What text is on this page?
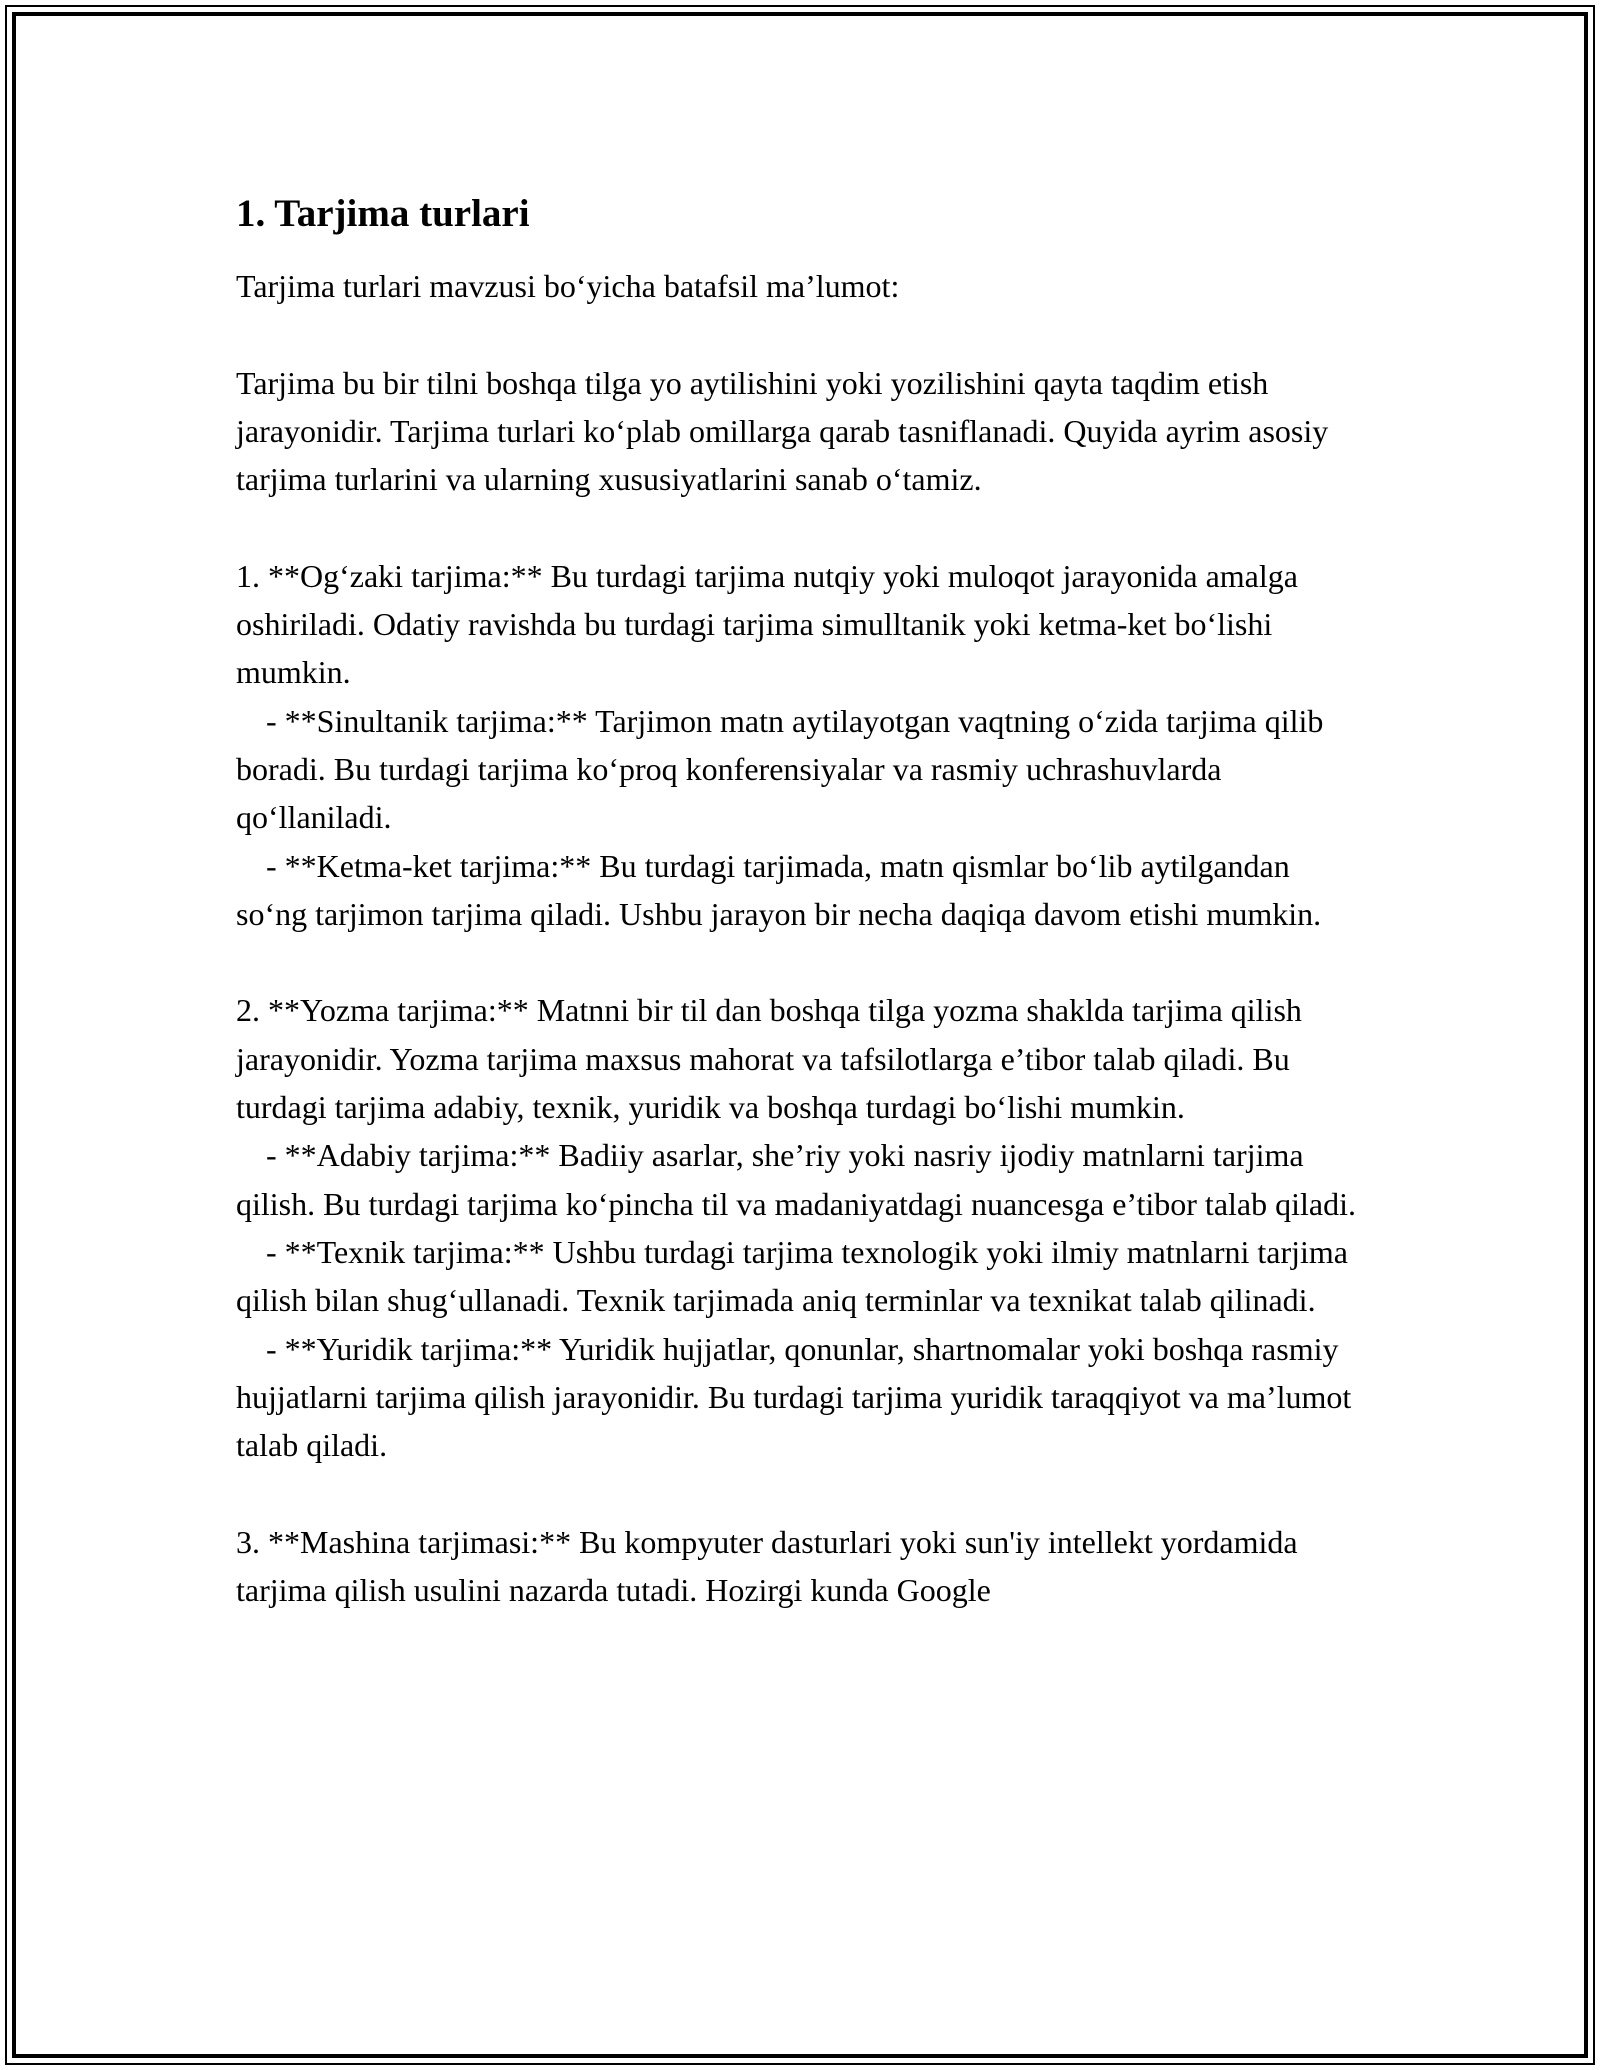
1. Tarjima turlari

Tarjima turlari mavzusi bo‘yicha batafsil ma’lumot:

Tarjima bu bir tilni boshqa tilga yo aytilishini yoki yozilishini qayta taqdim etish jarayonidir. Tarjima turlari ko‘plab omillarga qarab tasniflanadi. Quyida ayrim asosiy tarjima turlarini va ularning xususiyatlarini sanab o‘tamiz.

1. **Og‘zaki tarjima:** Bu turdagi tarjima nutqiy yoki muloqot jarayonida amalga oshiriladi. Odatiy ravishda bu turdagi tarjima simulltanik yoki ketma-ket bo‘lishi mumkin.

- **Sinultanik tarjima:** Tarjimon matn aytilayotgan vaqtning o‘zida tarjima qilib boradi. Bu turdagi tarjima ko‘proq konferensiyalar va rasmiy uchrashuvlarda qo‘llaniladi.

- **Ketma-ket tarjima:** Bu turdagi tarjimada, matn qismlar bo‘lib aytilgandan so‘ng tarjimon tarjima qiladi. Ushbu jarayon bir necha daqiqa davom etishi mumkin.

2. **Yozma tarjima:** Matnni bir til dan boshqa tilga yozma shaklda tarjima qilish jarayonidir. Yozma tarjima maxsus mahorat va tafsilotlarga e’tibor talab qiladi. Bu turdagi tarjima adabiy, texnik, yuridik va boshqa turdagi bo‘lishi mumkin.

- **Adabiy tarjima:** Badiiy asarlar, she’riy yoki nasriy ijodiy matnlarni tarjima qilish. Bu turdagi tarjima ko‘pincha til va madaniyatdagi nuancesga e’tibor talab qiladi.

- **Texnik tarjima:** Ushbu turdagi tarjima texnologik yoki ilmiy matnlarni tarjima qilish bilan shug‘ullanadi. Texnik tarjimada aniq terminlar va texnikat talab qilinadi.

- **Yuridik tarjima:** Yuridik hujjatlar, qonunlar, shartnomalar yoki boshqa rasmiy hujjatlarni tarjima qilish jarayonidir. Bu turdagi tarjima yuridik taraqqiyot va ma’lumot talab qiladi.

3. **Mashina tarjimasi:** Bu kompyuter dasturlari yoki sun'iy intellekt yordamida tarjima qilish usulini nazarda tutadi. Hozirgi kunda Google
